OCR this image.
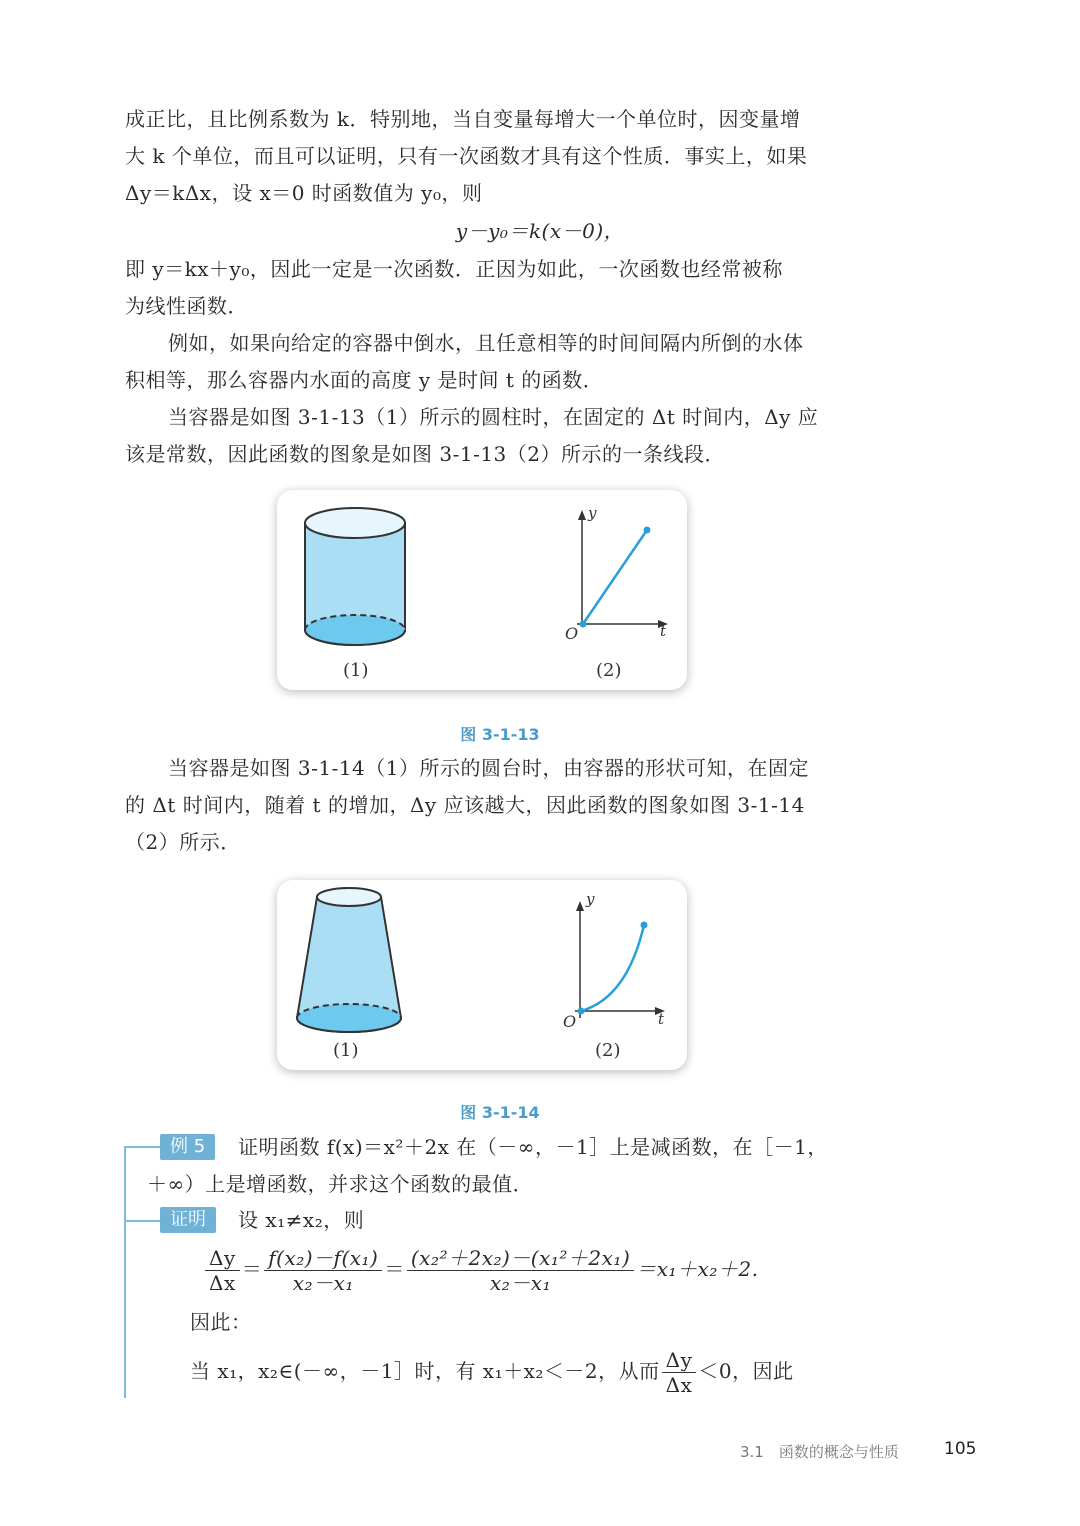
成正比，且比例系数为 k．特别地，当自变量每增大一个单位时，因变量增
大 k 个单位，而且可以证明，只有一次函数才具有这个性质．事实上，如果
Δy＝kΔx，设 x＝0 时函数值为 y₀，则
y－y₀＝k(x－0)，
即 y＝kx＋y₀，因此一定是一次函数．正因为如此，一次函数也经常被称
为线性函数．
例如，如果向给定的容器中倒水，且任意相等的时间间隔内所倒的水体
积相等，那么容器内水面的高度 y 是时间 t 的函数．
当容器是如图 3-1-13（1）所示的圆柱时，在固定的 Δt 时间内，Δy 应
该是常数，因此函数的图象是如图 3-1-13（2）所示的一条线段．
y
t
O
(1)	(2)
图 3-1-13
当容器是如图 3-1-14（1）所示的圆台时，由容器的形状可知，在固定
的 Δt 时间内，随着 t 的增加，Δy 应该越大，因此函数的图象如图 3-1-14
（2）所示．
y
t
O
(1)	(2)
图 3-1-14
例 5	证明函数 f(x)＝x²＋2x 在（－∞，－1］上是减函数，在［－1，
＋∞）上是增函数，并求这个函数的最值．
证明	设 x₁≠x₂，则
$\frac{\Delta y}{\Delta x} = \frac{\text{f(x₂)－f(x₁)}}{\text{x₂－x₁}} = \frac{\text{(x₂²＋2x₂)－(x₁²＋2x₁)}}{\text{x₂－x₁}} =x_1+x_2+2$.
因此：
当 x₁，x₂∈(－∞，－1］时，有 x₁＋x₂＜－2，从而 $\frac{\Delta y}{\Delta x} <0$，因此
3.1　函数的概念与性质	105
